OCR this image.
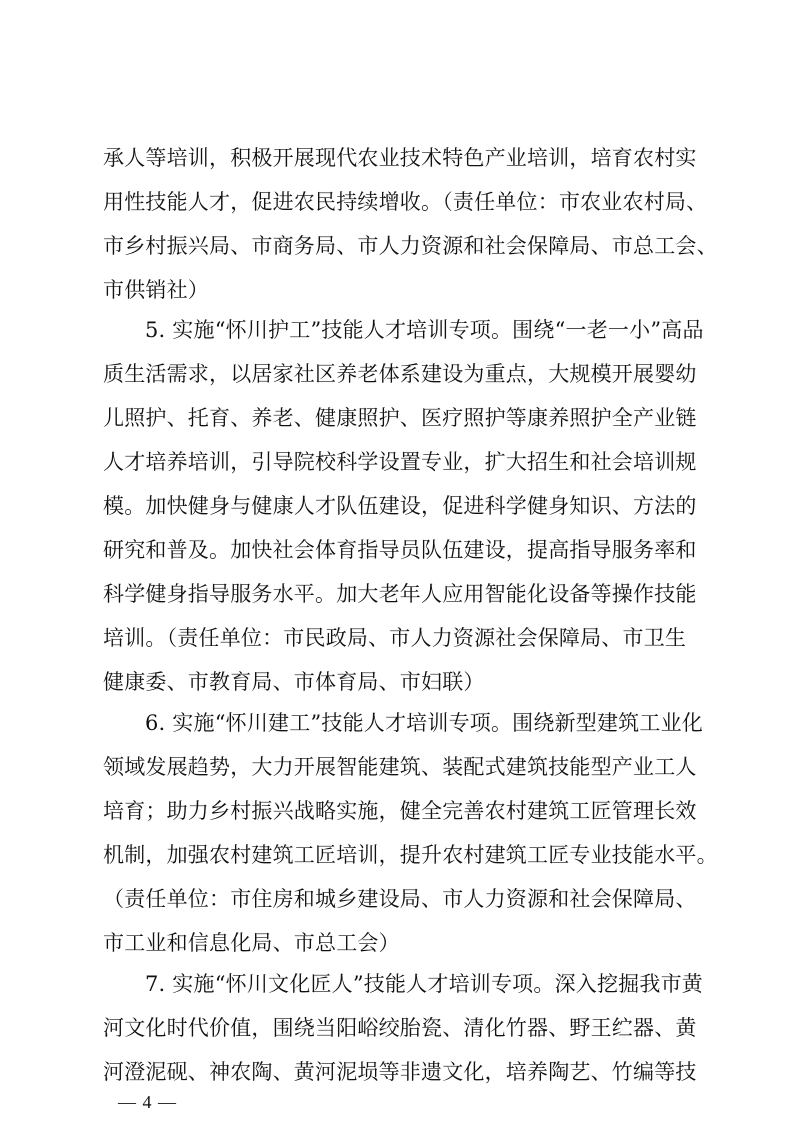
承人等培训，积极开展现代农业技术特色产业培训，培育农村实
用性技能人才，促进农民持续增收。（责任单位：市农业农村局、
市乡村振兴局、市商务局、市人力资源和社会保障局、市总工会、
市供销社）
5. 实施“怀川护工”技能人才培训专项。围绕“一老一小”高品
质生活需求，以居家社区养老体系建设为重点，大规模开展婴幼
儿照护、托育、养老、健康照护、医疗照护等康养照护全产业链
人才培养培训，引导院校科学设置专业，扩大招生和社会培训规
模。加快健身与健康人才队伍建设，促进科学健身知识、方法的
研究和普及。加快社会体育指导员队伍建设，提高指导服务率和
科学健身指导服务水平。加大老年人应用智能化设备等操作技能
培训。（责任单位：市民政局、市人力资源社会保障局、市卫生
健康委、市教育局、市体育局、市妇联）
6. 实施“怀川建工”技能人才培训专项。围绕新型建筑工业化
领域发展趋势，大力开展智能建筑、装配式建筑技能型产业工人
培育；助力乡村振兴战略实施，健全完善农村建筑工匠管理长效
机制，加强农村建筑工匠培训，提升农村建筑工匠专业技能水平。
（责任单位：市住房和城乡建设局、市人力资源和社会保障局、
市工业和信息化局、市总工会）
7. 实施“怀川文化匠人”技能人才培训专项。深入挖掘我市黄
河文化时代价值，围绕当阳峪绞胎瓷、清化竹器、野王纻器、黄
河澄泥砚、神农陶、黄河泥埙等非遗文化，培养陶艺、竹编等技
— 4 —
